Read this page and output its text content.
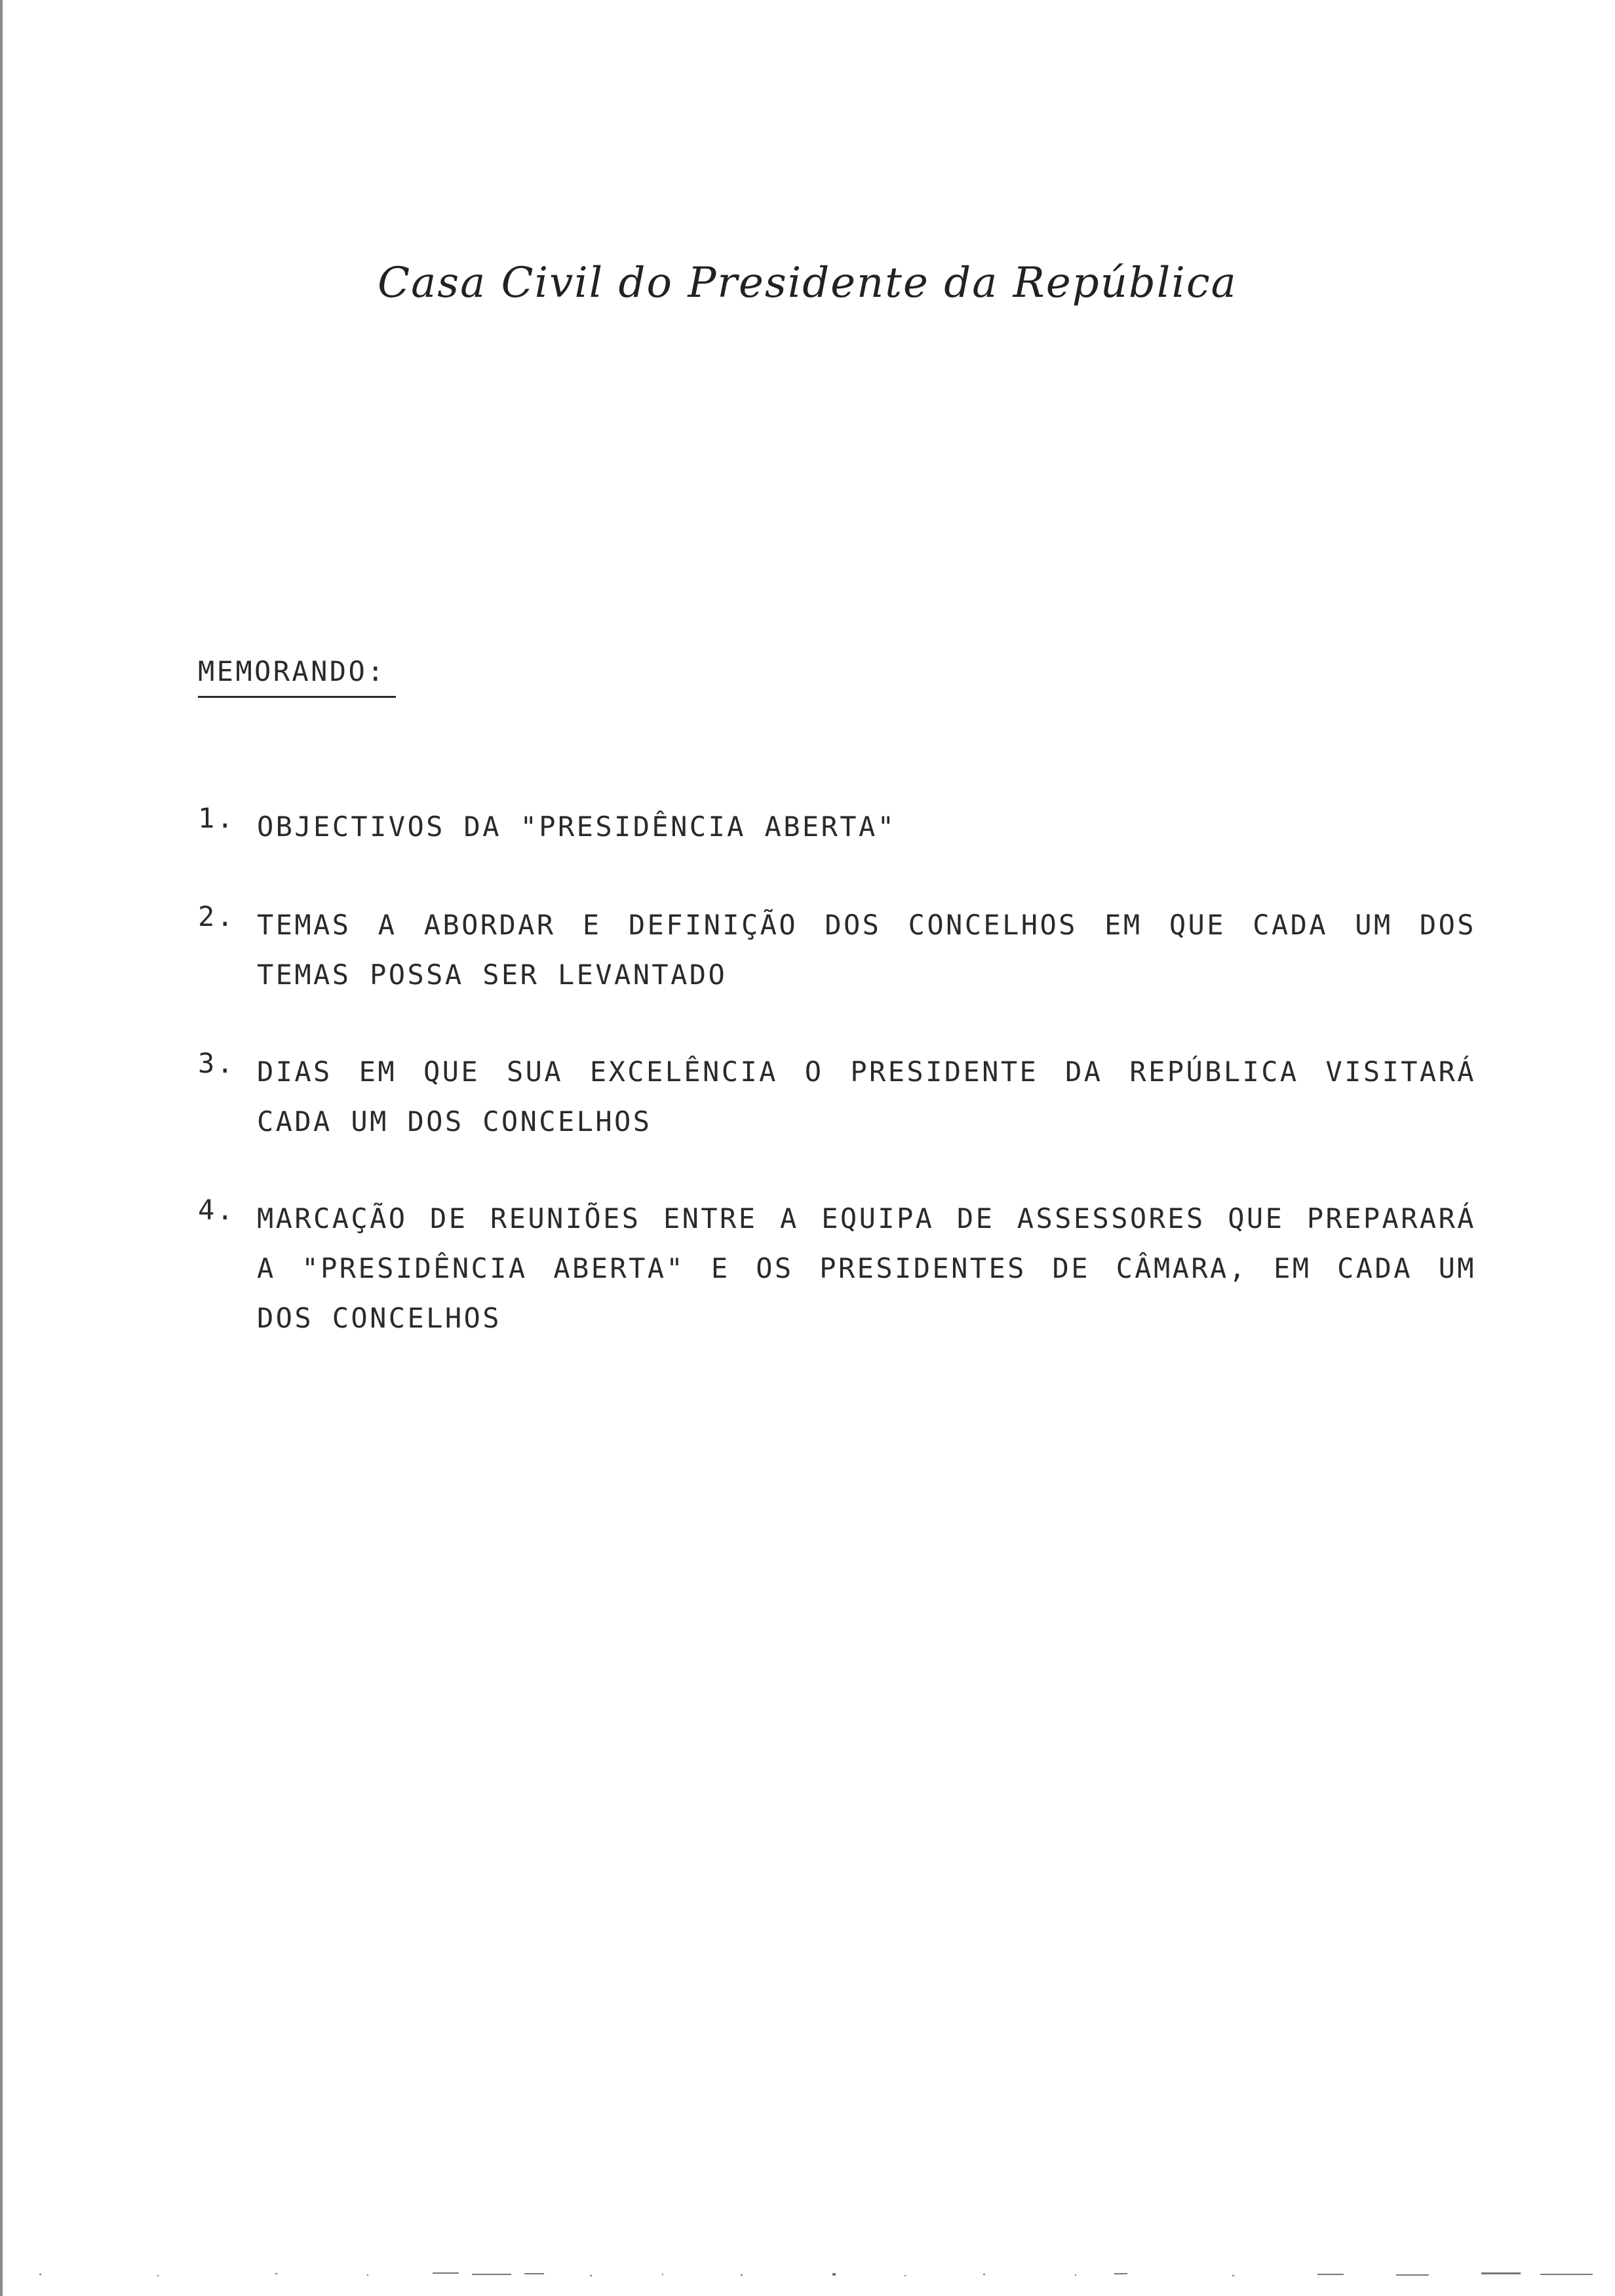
Casa Civil do Presidente da República
MEMORANDO:
1. OBJECTIVOS DA "PRESIDÊNCIA ABERTA"
2. TEMAS A ABORDAR E DEFINIÇÃO DOS CONCELHOS EM QUE CADA UM DOS TEMAS POSSA SER LEVANTADO
3. DIAS EM QUE SUA EXCELÊNCIA O PRESIDENTE DA REPÚBLICA VISITARÁ CADA UM DOS CONCELHOS
4. MARCAÇÃO DE REUNIÕES ENTRE A EQUIPA DE ASSESSORES QUE PREPARARÁ A "PRESIDÊNCIA ABERTA" E OS PRESIDENTES DE CÂMARA, EM CADA UM DOS CONCELHOS
